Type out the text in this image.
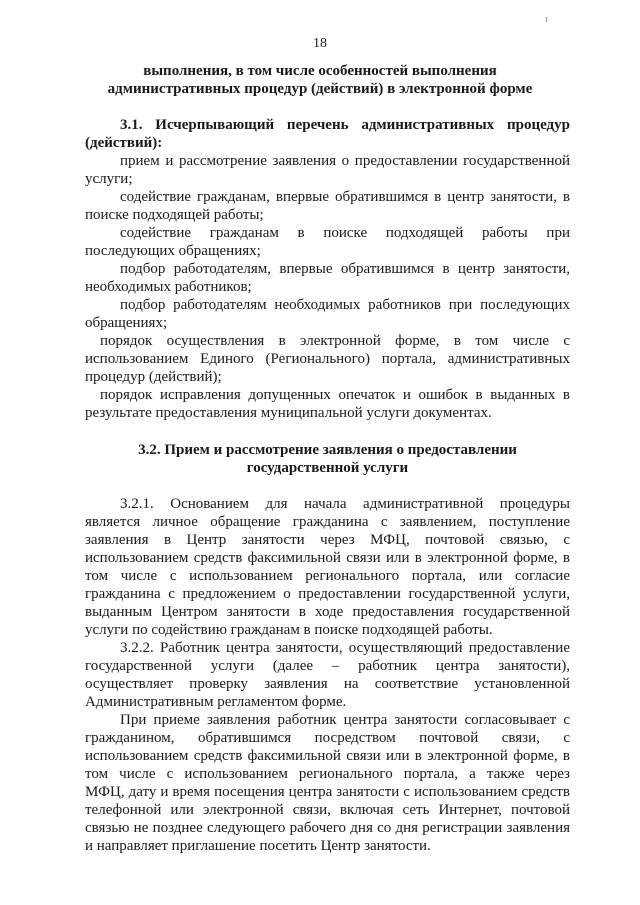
18
ı
выполнения, в том числе особенностей выполнения
административных процедур (действий) в электронной форме
3.1. Исчерпывающий перечень административных процедур
(действий):
прием и рассмотрение заявления о предоставлении государственной
услуги;
содействие гражданам, впервые обратившимся в центр занятости, в
поиске подходящей работы;
содействие гражданам в поиске подходящей работы при
последующих обращениях;
подбор работодателям, впервые обратившимся в центр занятости,
необходимых работников;
подбор работодателям необходимых работников при последующих
обращениях;
порядок осуществления в электронной форме, в том числе с
использованием Единого (Регионального) портала, административных
процедур (действий);
порядок исправления допущенных опечаток и ошибок в выданных в
результате предоставления муниципальной услуги документах.
3.2. Прием и рассмотрение заявления о предоставлении
государственной услуги
3.2.1. Основанием для начала административной процедуры
является личное обращение гражданина с заявлением, поступление
заявления в Центр занятости через МФЦ, почтовой связью, с
использованием средств факсимильной связи или в электронной форме, в
том числе с использованием регионального портала, или согласие
гражданина с предложением о предоставлении государственной услуги,
выданным Центром занятости в ходе предоставления государственной
услуги по содействию гражданам в поиске подходящей работы.
3.2.2. Работник центра занятости, осуществляющий предоставление
государственной услуги (далее – работник центра занятости),
осуществляет проверку заявления на соответствие установленной
Административным регламентом форме.
При приеме заявления работник центра занятости согласовывает с
гражданином, обратившимся посредством почтовой связи, с
использованием средств факсимильной связи или в электронной форме, в
том числе с использованием регионального портала, а также через
МФЦ, дату и время посещения центра занятости с использованием средств
телефонной или электронной связи, включая сеть Интернет, почтовой
связью не позднее следующего рабочего дня со дня регистрации заявления
и направляет приглашение посетить Центр занятости.
